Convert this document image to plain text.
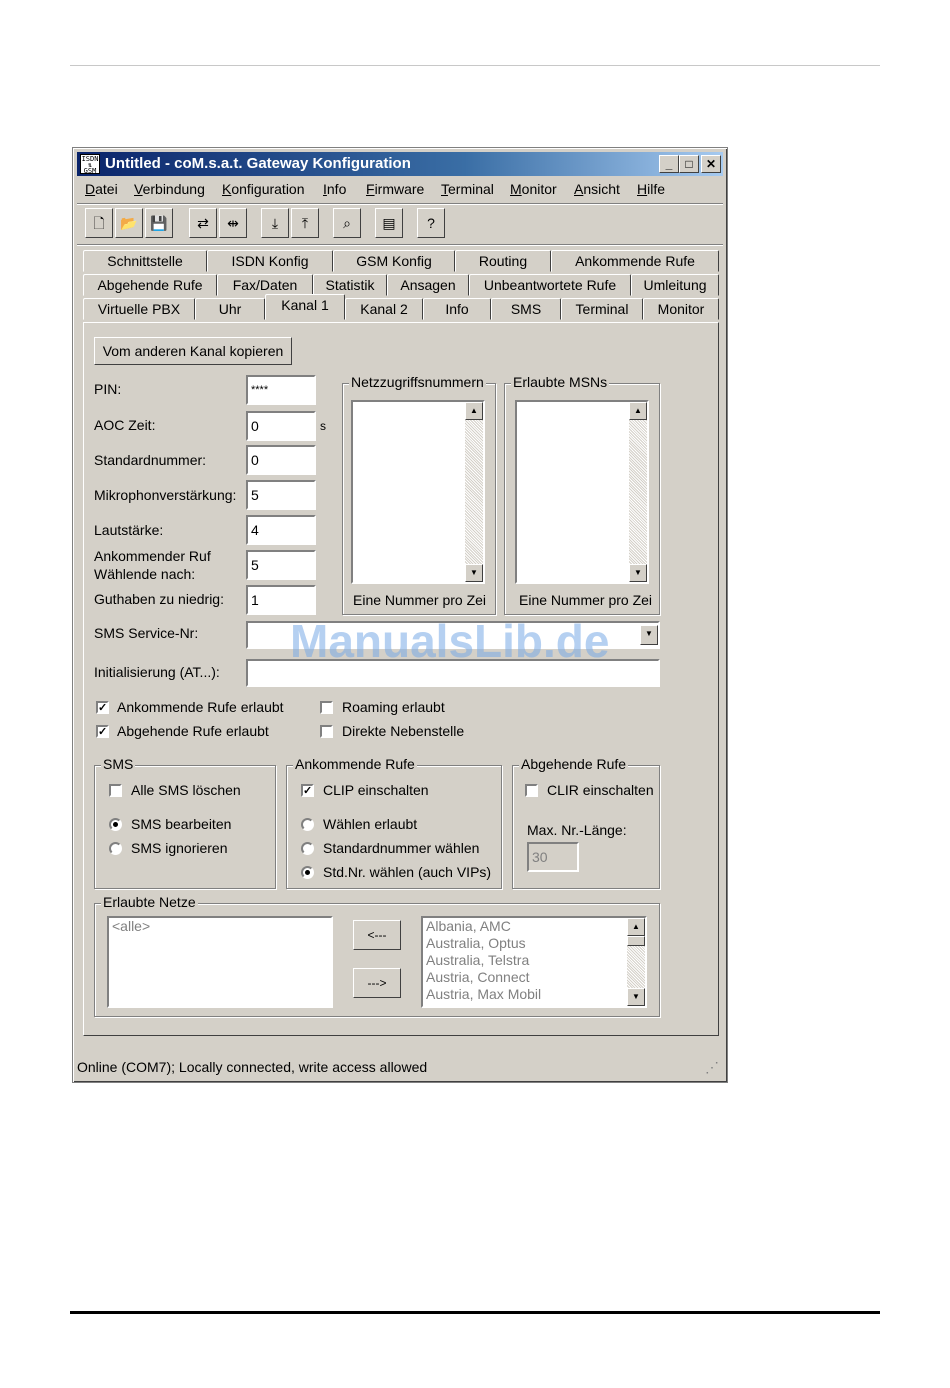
ISDN ⇅ GSM Untitled - coM.s.a.t. Gateway Konfiguration	_	□	✕
Datei Verbindung Konfiguration Info Firmware Terminal Monitor Ansicht Hilfe
🗋	📂 💾	⇄	⇹	⤓	⤒	⌕	▤	?
Schnittstelle	ISDN Konfig	GSM Konfig	Routing	Ankommende Rufe
Abgehende Rufe	Fax/Daten	Statistik	Ansagen	Unbeantwortete Rufe	Umleitung
Virtuelle PBX	Uhr	Kanal 1	Kanal 2	Info	SMS	Terminal	Monitor
Vom anderen Kanal kopieren
PIN:
****
AOC Zeit:
0	s
Standardnummer:
0
Mikrophonverstärkung:
5
Lautstärke:
4
Ankommender Ruf
Wählende nach:
5
Guthaben zu niedrig:
1
Netzzugriffsnummern
▲
▼
Eine Nummer pro Zei
Erlaubte MSNs
▲
▼
Eine Nummer pro Zei
SMS Service-Nr:	▼
Initialisierung (AT...):
✓ Ankommende Rufe erlaubt
✓ Abgehende Rufe erlaubt
Roaming erlaubt
Direkte Nebenstelle
SMS
Alle SMS löschen
SMS bearbeiten
SMS ignorieren
Ankommende Rufe
✓ CLIP einschalten
Wählen erlaubt
Standardnummer wählen
Std.Nr. wählen (auch VIPs)
Abgehende Rufe
CLIR einschalten
Max. Nr.-Länge:
30
Erlaubte Netze
<alle>
<---
--->
Albania, AMC
Australia, Optus
Australia, Telstra
Austria, Connect
Austria, Max Mobil
▲
▼
Online (COM7); Locally connected, write access allowed	⋰
ManualsLib.de
